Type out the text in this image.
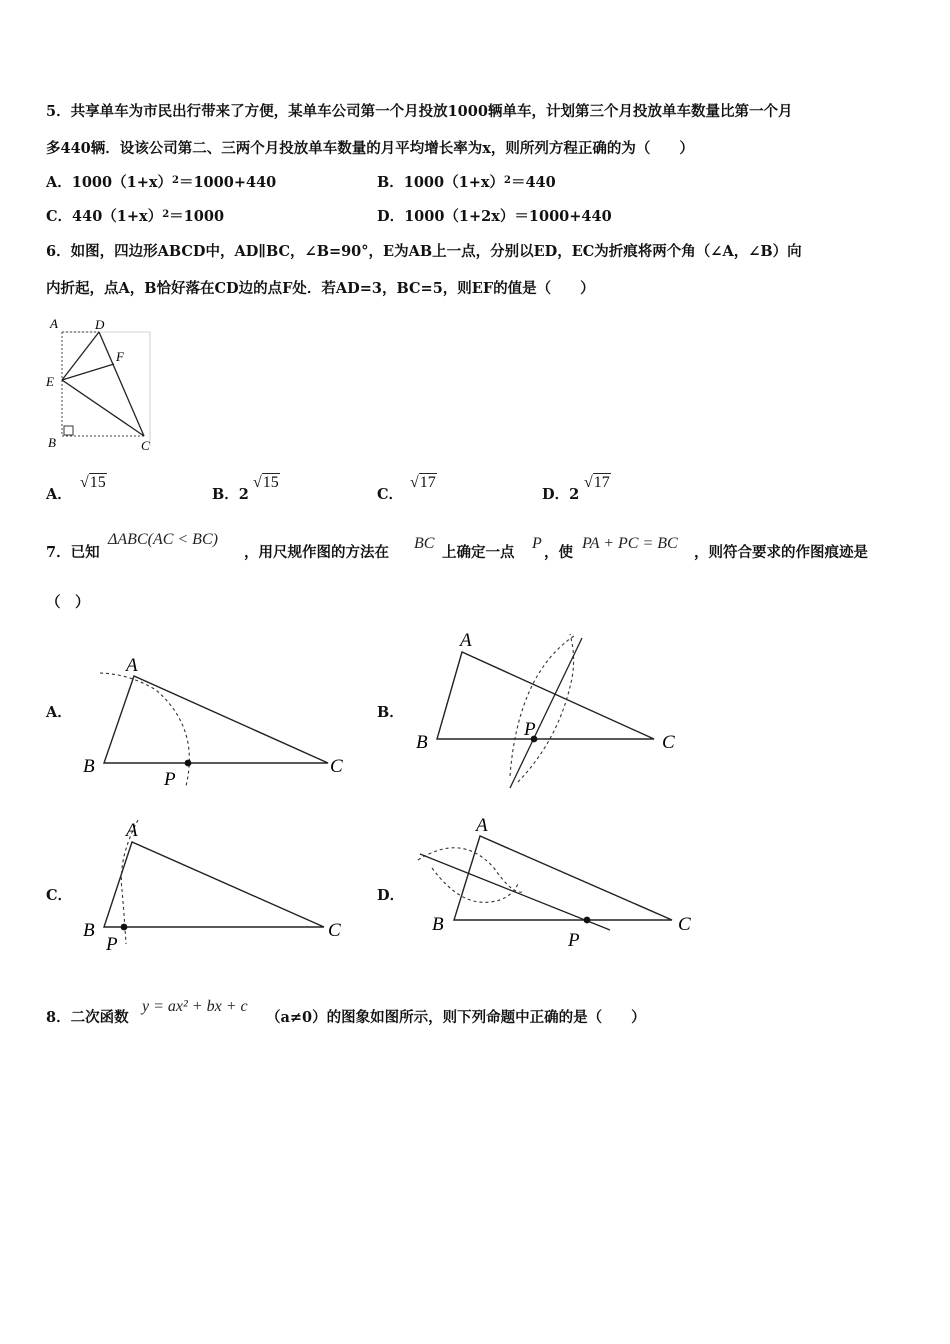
5．共享单车为市民出行带来了方便，某单车公司第一个月投放1000辆单车，计划第三个月投放单车数量比第一个月
多440辆．设该公司第二、三两个月投放单车数量的月平均增长率为x，则所列方程正确的为（　　）
A．$1000(1+x)^2=1000+440$	B．$1000(1+x)^2=440$
C．$440(1+x)^2=1000$	D．1000（1+2x）＝1000+440
6．如图，四边形ABCD中，AD∥BC，∠B=90°，E为AB上一点，分别以ED，EC为折痕将两个角（∠A，∠B）向
内折起，点A，B恰好落在CD边的点F处．若AD=3，BC=5，则EF的值是（　　）
A	D
F
E
B	C
A．
√15
B．2
√15
C．
√17
D．2
√17
7．已知
ΔABC(AC < BC)
，用尺规作图的方法在
BC
上确定一点
P
，使
PA + PC = BC
，则符合要求的作图痕迹是
（　）
A．	B．
C．	D．
A
B	C
P
A
B	C
P
A
B	C
P
A
B	C
P
8．二次函数
y = ax² + bx + c
（a≠0）的图象如图所示，则下列命题中正确的是（　　）
